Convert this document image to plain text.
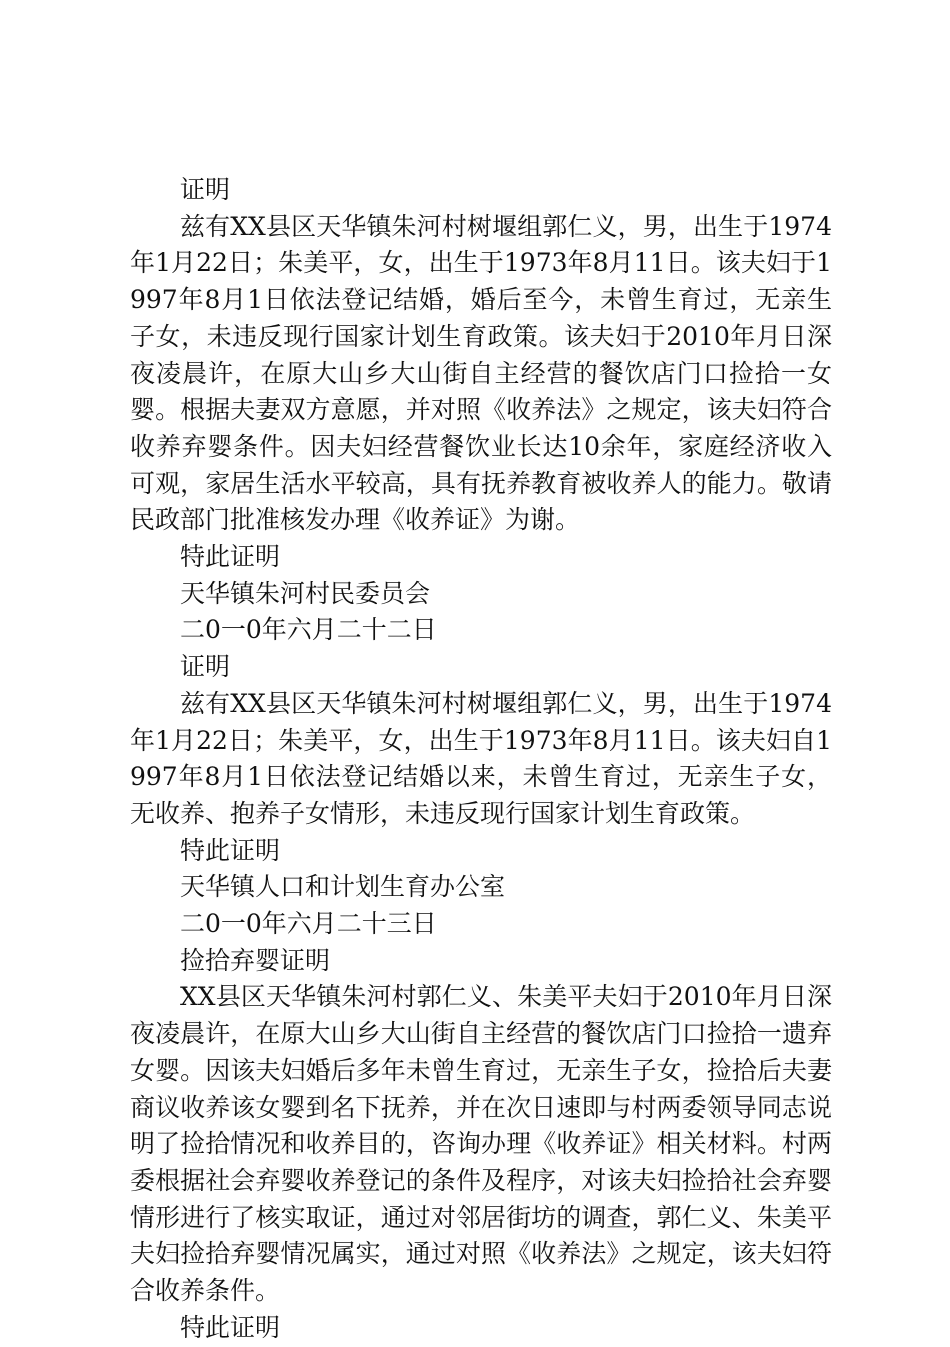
证明

兹有XX县区天华镇朱河村树堰组郭仁义，男，出生于1974年1月22日；朱美平，女，出生于1973年8月11日。该夫妇于1997年8月1日依法登记结婚，婚后至今，未曾生育过，无亲生子女，未违反现行国家计划生育政策。该夫妇于2010年月日深夜凌晨许，在原大山乡大山街自主经营的餐饮店门口捡拾一女婴。根据夫妻双方意愿，并对照《收养法》之规定，该夫妇符合收养弃婴条件。因夫妇经营餐饮业长达10余年，家庭经济收入可观，家居生活水平较高，具有抚养教育被收养人的能力。敬请民政部门批准核发办理《收养证》为谢。

特此证明

天华镇朱河村民委员会

二0一0年六月二十二日

证明

兹有XX县区天华镇朱河村树堰组郭仁义，男，出生于1974年1月22日；朱美平，女，出生于1973年8月11日。该夫妇自1997年8月1日依法登记结婚以来，未曾生育过，无亲生子女，无收养、抱养子女情形，未违反现行国家计划生育政策。

特此证明

天华镇人口和计划生育办公室

二0一0年六月二十三日

捡拾弃婴证明

XX县区天华镇朱河村郭仁义、朱美平夫妇于2010年月日深夜凌晨许，在原大山乡大山街自主经营的餐饮店门口捡拾一遗弃女婴。因该夫妇婚后多年未曾生育过，无亲生子女，捡拾后夫妻商议收养该女婴到名下抚养，并在次日速即与村两委领导同志说明了捡拾情况和收养目的，咨询办理《收养证》相关材料。村两委根据社会弃婴收养登记的条件及程序，对该夫妇捡拾社会弃婴情形进行了核实取证，通过对邻居街坊的调查，郭仁义、朱美平夫妇捡拾弃婴情况属实，通过对照《收养法》之规定，该夫妇符合收养条件。

特此证明
